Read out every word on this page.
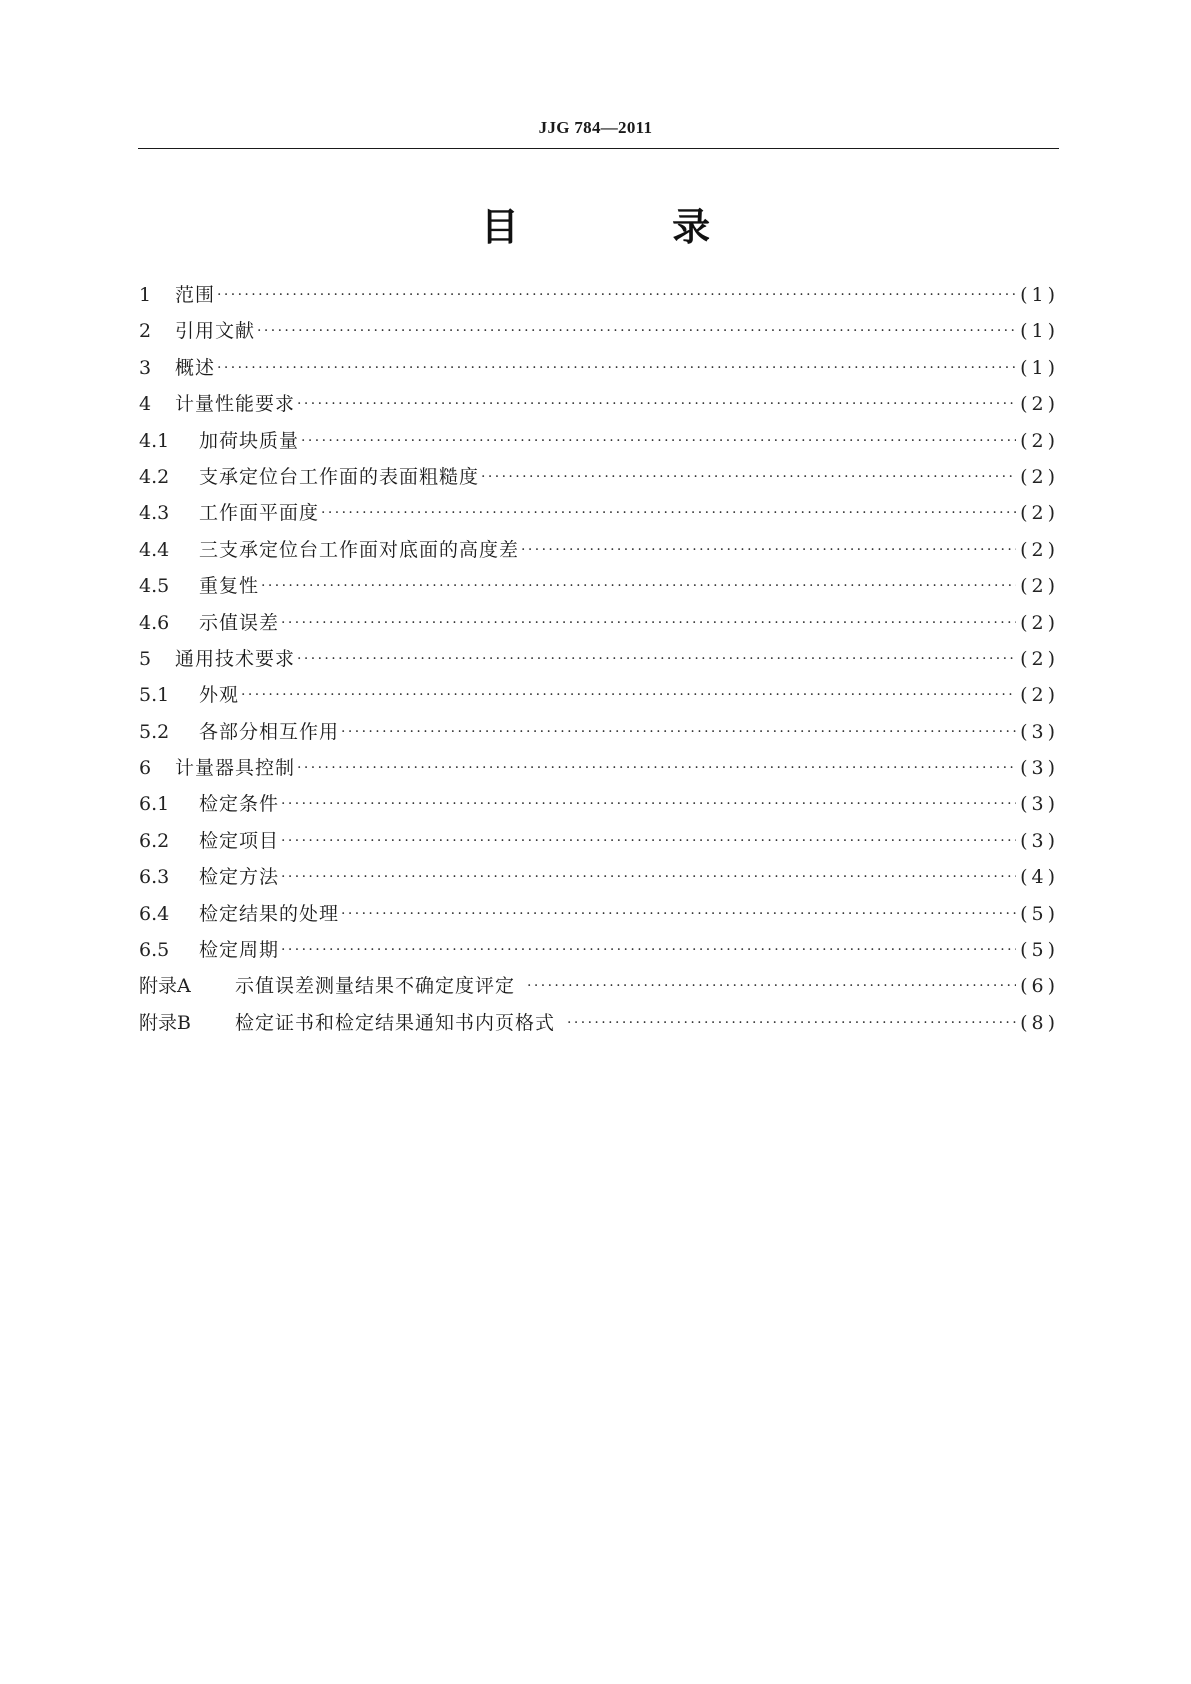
JJG 784—2011
目 录
1	范围 ·····	(1)
2	引用文献 ·····	(1)
3	概述 ·····	(1)
4	计量性能要求 ·····	(2)
4.1	加荷块质量 ·····	(2)
4.2	支承定位台工作面的表面粗糙度 ·····	(2)
4.3	工作面平面度 ·····	(2)
4.4	三支承定位台工作面对底面的高度差 ·····	(2)
4.5	重复性 ·····	(2)
4.6	示值误差 ·····	(2)
5	通用技术要求 ·····	(2)
5.1	外观 ·····	(2)
5.2	各部分相互作用 ·····	(3)
6	计量器具控制 ·····	(3)
6.1	检定条件 ·····	(3)
6.2	检定项目 ·····	(3)
6.3	检定方法 ·····	(4)
6.4	检定结果的处理 ·····	(5)
6.5	检定周期 ·····	(5)
附录A	示值误差测量结果不确定度评定 ·····	(6)
附录B	检定证书和检定结果通知书内页格式 ·····	(8)
